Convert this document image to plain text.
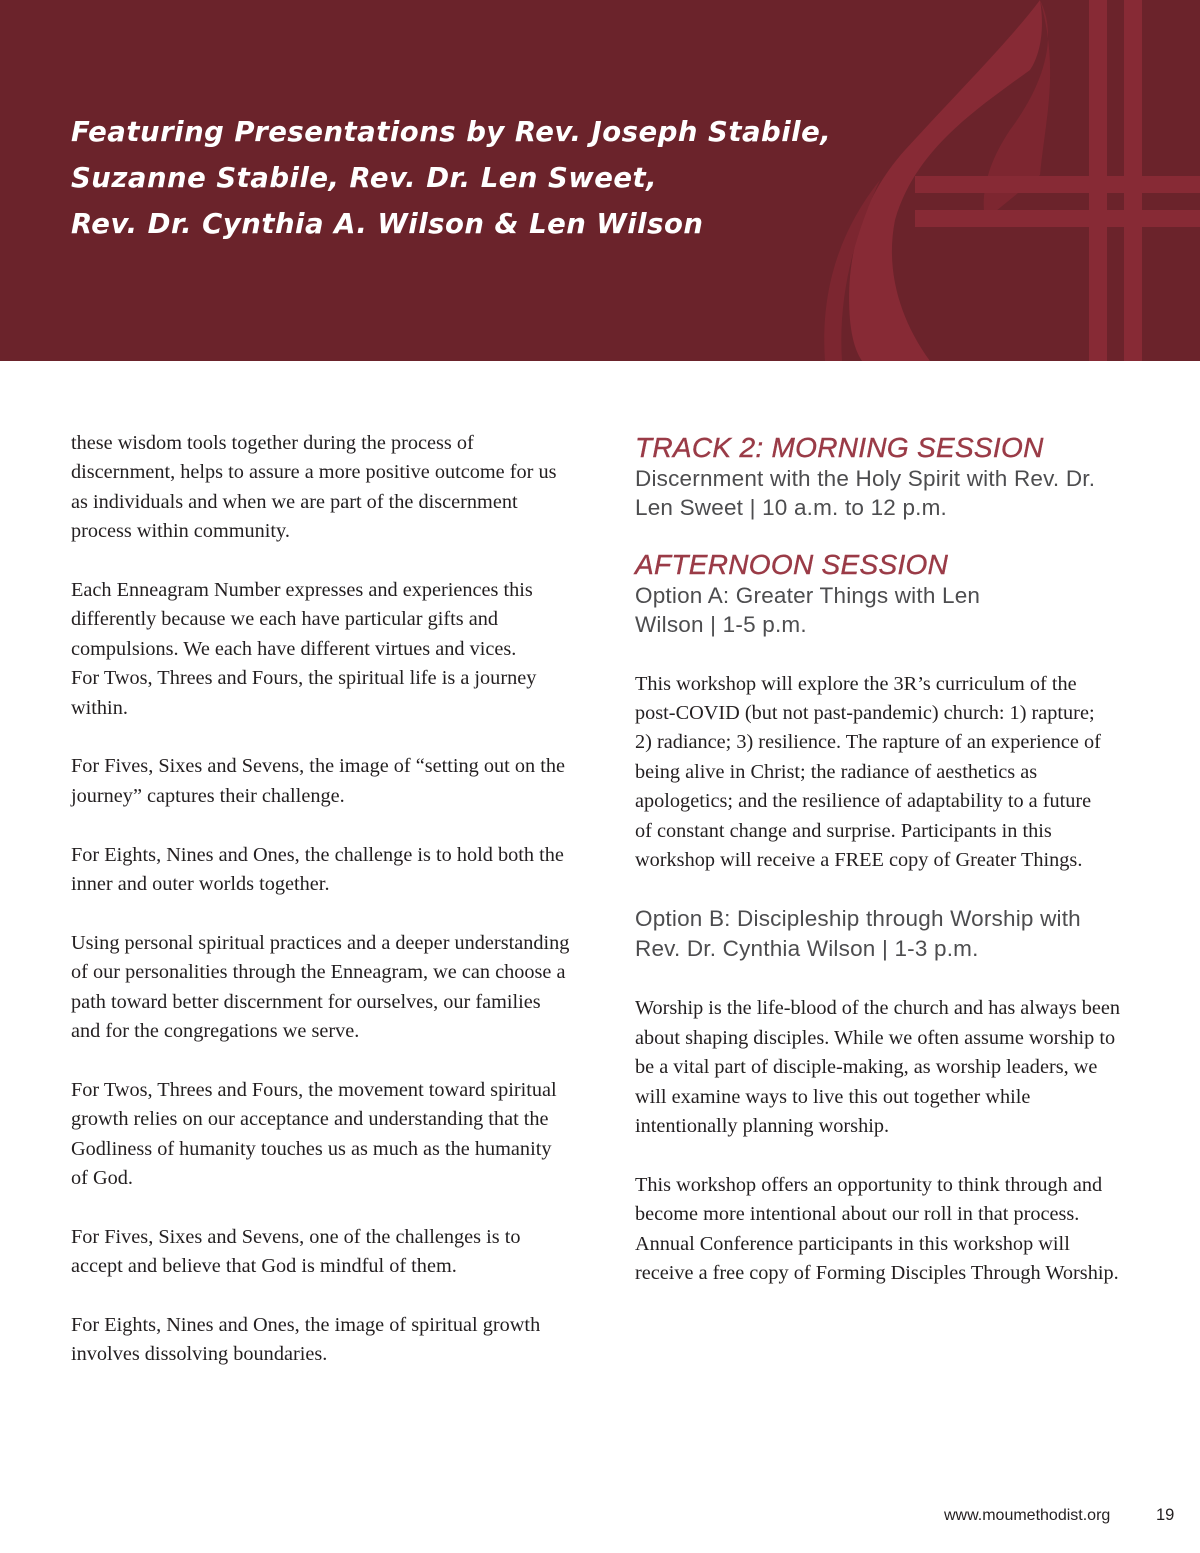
Featuring Presentations by Rev. Joseph Stabile,
Suzanne Stabile, Rev. Dr. Len Sweet,
Rev. Dr. Cynthia A. Wilson & Len Wilson

these wisdom tools together during the process of discernment, helps to assure a more positive outcome for us as individuals and when we are part of the discernment process within community.

Each Enneagram Number expresses and experiences this differently because we each have particular gifts and compulsions. We each have different virtues and vices.

For Twos, Threes and Fours, the spiritual life is a journey within.

For Fives, Sixes and Sevens, the image of “setting out on the journey” captures their challenge.

For Eights, Nines and Ones, the challenge is to hold both the inner and outer worlds together.

Using personal spiritual practices and a deeper understanding of our personalities through the Enneagram, we can choose a path toward better discernment for ourselves, our families and for the congregations we serve.

For Twos, Threes and Fours, the movement toward spiritual growth relies on our acceptance and understanding that the Godliness of humanity touches us as much as the humanity of God.

For Fives, Sixes and Sevens, one of the challenges is to accept and believe that God is mindful of them.

For Eights, Nines and Ones, the image of spiritual growth involves dissolving boundaries.

TRACK 2: MORNING SESSION
Discernment with the Holy Spirit with Rev. Dr. Len Sweet | 10 a.m. to 12 p.m.
AFTERNOON SESSION
Option A: Greater Things with Len Wilson | 1-5 p.m.

This workshop will explore the 3R’s curriculum of the post-COVID (but not past-pandemic) church: 1) rapture; 2) radiance; 3) resilience. The rapture of an experience of being alive in Christ; the radiance of aesthetics as apologetics; and the resilience of adaptability to a future of constant change and surprise. Participants in this workshop will receive a FREE copy of Greater Things.

Option B: Discipleship through Worship with Rev. Dr. Cynthia Wilson | 1-3 p.m.

Worship is the life-blood of the church and has always been about shaping disciples. While we often assume worship to be a vital part of disciple-making, as worship leaders, we will examine ways to live this out together while intentionally planning worship.

This workshop offers an opportunity to think through and become more intentional about our roll in that process. Annual Conference participants in this workshop will receive a free copy of Forming Disciples Through Worship.

www.moumethodist.org	19
